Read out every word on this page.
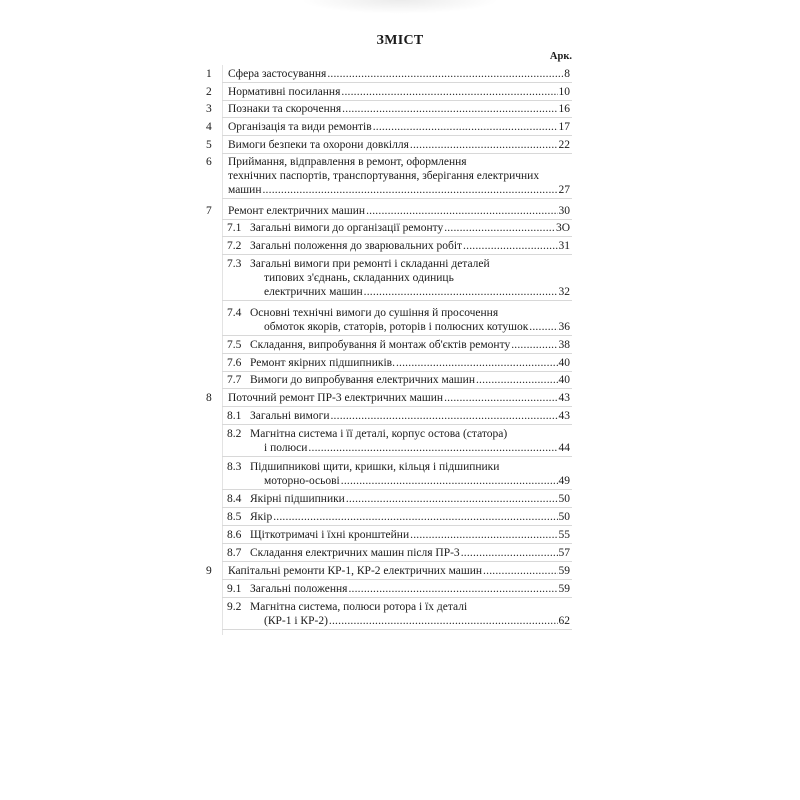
ЗМІСТ
Арк.
1 Сфера застосування .....	8
2 Нормативні посилання .....	10
3 Познаки та скорочення .....	16
4 Організація та види ремонтів .....	17
5 Вимоги безпеки та охорони довкілля .....	22
6 Приймання, відправлення в ремонт, оформлення
технічних паспортів, транспортування, зберігання електричних
машин .....	27
7 Ремонт електричних машин .....	30
7.1 Загальні вимоги до організації ремонту .....	3О
7.2 Загальні положення до зварювальних робіт .....	31
7.3 Загальні вимоги при ремонті і складанні деталей
типових з'єднань, складанних одиниць
електричних машин .....	32
7.4 Основні технічні вимоги до сушіння й просочення
обмоток якорів, статорів, роторів і полюсних котушок .....	36
7.5 Складання, випробування й монтаж об'єктів ремонту .....	38
7.6 Ремонт якірних підшипників. .....	40
7.7 Вимоги до випробування електричних машин .....	40
8 Поточний ремонт ПР-3 електричних машин .....	43
8.1 Загальні вимоги .....	43
8.2 Магнітна система і її деталі, корпус остова (статора)
і полюси .....	44
8.3 Підшипникові щити, кришки, кільця і підшипники
моторно-осьові .....	49
8.4 Якірні підшипники .....	50
8.5 Якір .....	50
8.6 Щіткотримачі і їхні кронштейни .....	55
8.7 Складання електричних машин після ПР-3 .....	57
9 Капітальні ремонти КР-1, КР-2 електричних машин .....	59
9.1 Загальні положення .....	59
9.2 Магнітна система, полюси ротора і їх деталі
(КР-1 і КР-2) .....	62
